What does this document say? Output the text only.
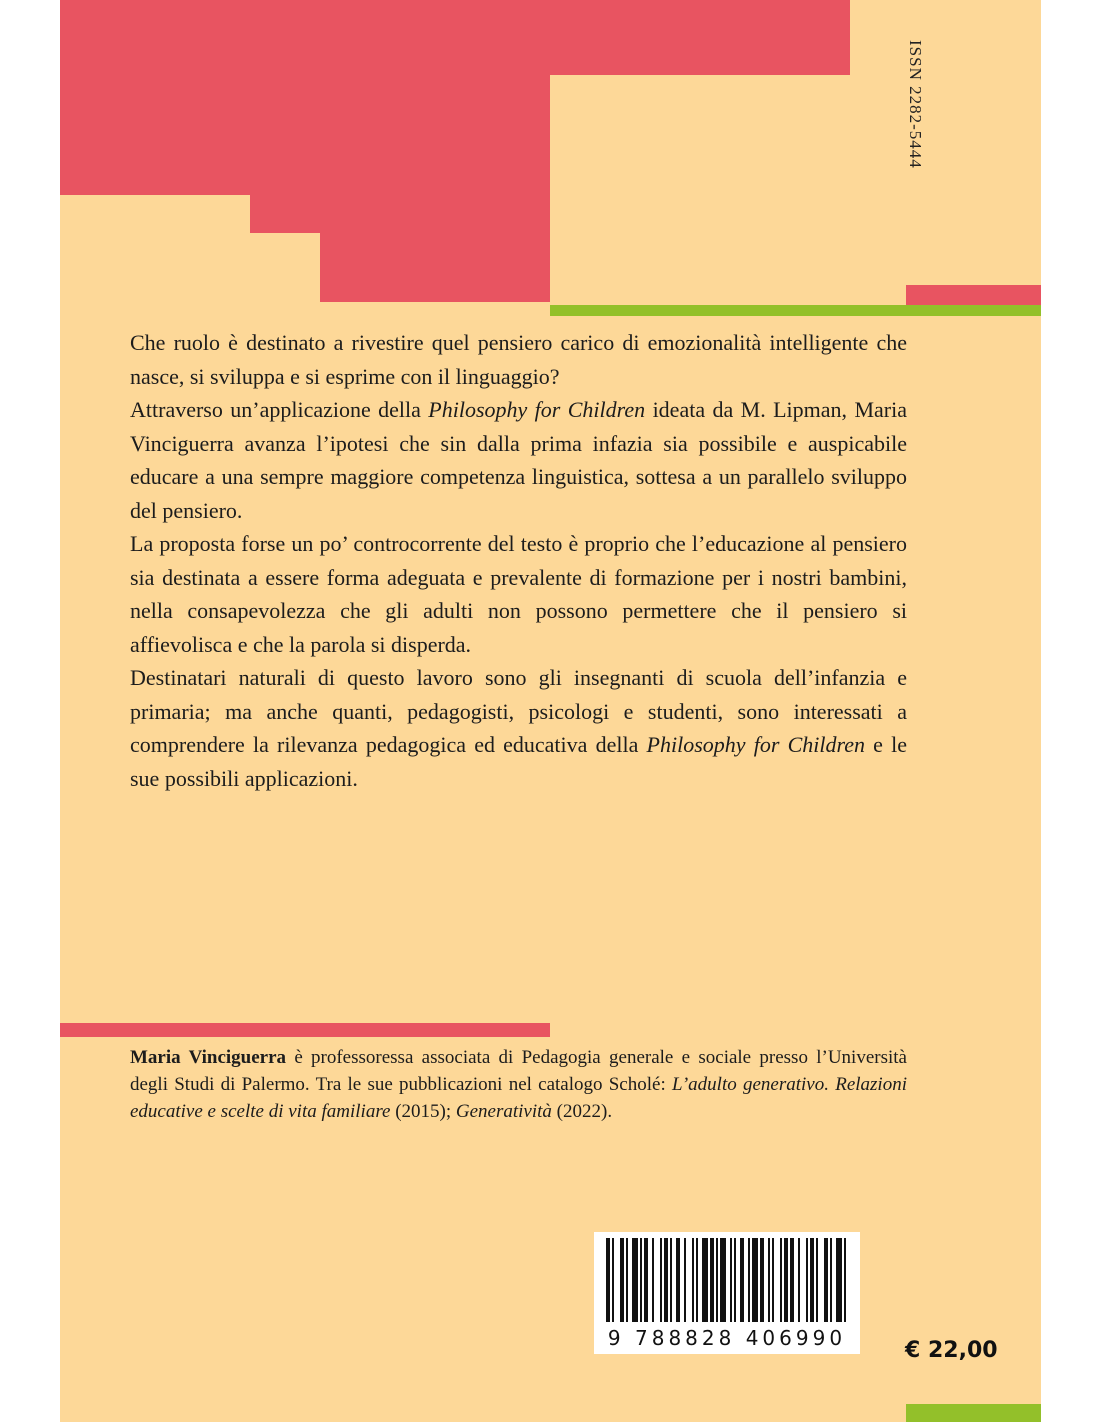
ISSN 2282-5444

Che ruolo è destinato a rivestire quel pensiero carico di emozionalità intelligente che nasce, si sviluppa e si esprime con il linguaggio?

Attraverso un’applicazione della Philosophy for Children ideata da M. Lipman, Maria Vinciguerra avanza l’ipotesi che sin dalla prima infazia sia possibile e auspicabile educare a una sempre maggiore competenza linguistica, sottesa a un parallelo sviluppo del pensiero.

La proposta forse un po’ controcorrente del testo è proprio che l’educazione al pensiero sia destinata a essere forma adeguata e prevalente di formazione per i nostri bambini, nella consapevolezza che gli adulti non possono permettere che il pensiero si affievolisca e che la parola si disperda.

Destinatari naturali di questo lavoro sono gli insegnanti di scuola dell’infanzia e primaria; ma anche quanti, pedagogisti, psicologi e studenti, sono interessati a comprendere la rilevanza pedagogica ed educativa della Philosophy for Children e le sue possibili applicazioni.

Maria Vinciguerra è professoressa associata di Pedagogia generale e sociale presso l’Università degli Studi di Palermo. Tra le sue pubblicazioni nel catalogo Scholé: L’adulto generativo. Relazioni educative e scelte di vita familiare (2015); Generatività (2022).

9 788828 406990	€ 22,00
